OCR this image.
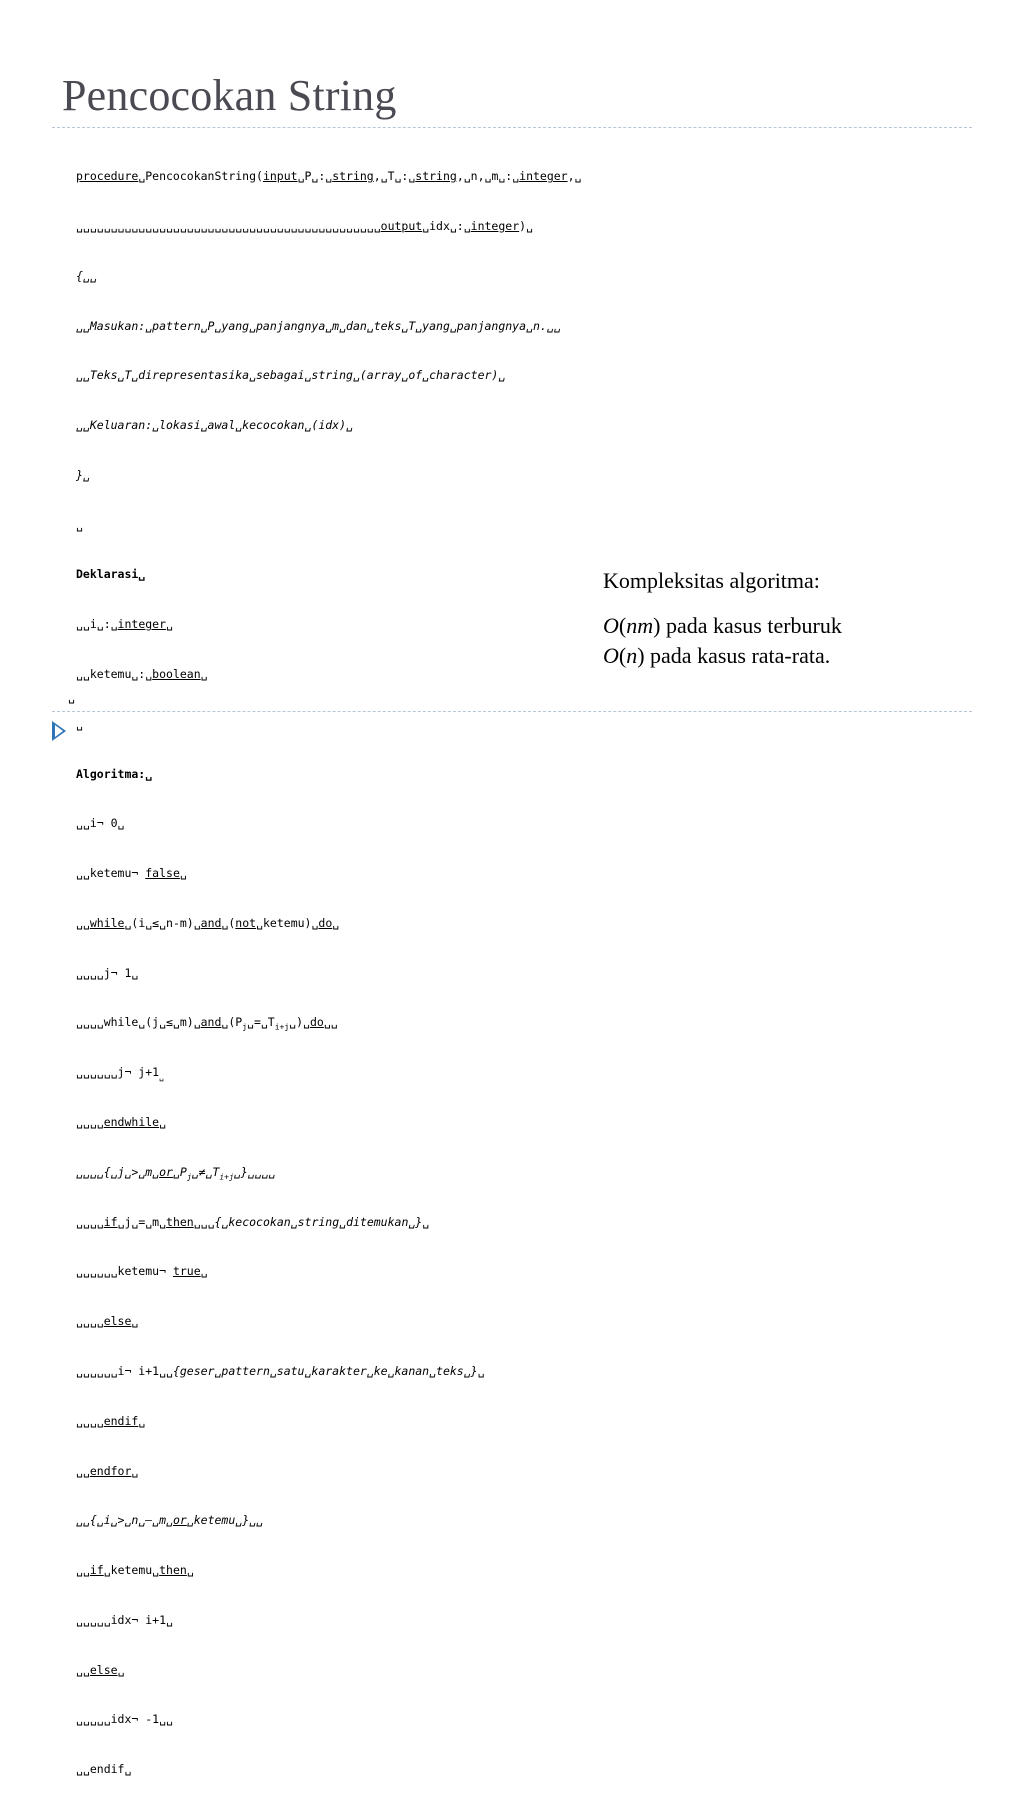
Pencocokan String

procedure␣PencocokanString(input␣P␣:␣string,␣T␣:␣string,␣n,␣m␣:␣integer,␣

␣␣␣␣␣␣␣␣␣␣␣␣␣␣␣␣␣␣␣␣␣␣␣␣␣␣␣␣␣␣␣␣␣␣␣␣␣␣␣␣␣␣␣␣output␣idx␣:␣integer)␣

{␣␣

␣␣Masukan:␣pattern␣P␣yang␣panjangnya␣m␣dan␣teks␣T␣yang␣panjangnya␣n.␣␣

␣␣Teks␣T␣direpresentasika␣sebagai␣string␣(array␣of␣character)␣

␣␣Keluaran:␣lokasi␣awal␣kecocokan␣(idx)␣

}␣

␣

Deklarasi␣

␣␣i␣:␣integer␣

␣␣ketemu␣:␣boolean␣

␣

Algoritma:␣

␣␣i¬ 0␣

␣␣ketemu¬ false␣

␣␣while␣(i␣≤␣n-m)␣and␣(not␣ketemu)␣do␣

␣␣␣␣j¬ 1␣

$␣␣␣␣while␣(j␣\le␣m)␣and␣(P_j␣=␣T_{i+j}␣)␣do␣␣$

␣␣␣␣␣␣j¬ $j+1_␣$

␣␣␣␣endwhile␣

$␣␣␣␣\{␣j␣>␣m␣or␣P_j␣\ne␣T_{i+j}␣\}␣␣␣␣$

␣␣␣␣if␣j␣=␣m␣then␣␣␣{␣kecocokan␣string␣ditemukan␣}␣

␣␣␣␣␣␣ketemu¬ true␣

␣␣␣␣else␣

␣␣␣␣␣␣i¬ i+1␣␣{geser␣pattern␣satu␣karakter␣ke␣kanan␣teks␣}␣

␣␣␣␣endif␣

␣␣endfor␣

␣␣{␣i␣>␣n␣–␣m␣or␣ketemu␣}␣␣

␣␣if␣ketemu␣then␣

␣␣␣␣␣idx¬ i+1␣

␣␣else␣

␣␣␣␣␣idx¬ -1␣␣

␣␣endif␣

␣

Kompleksitas algoritma:

O(nm) pada kasus terburuk

O(n) pada kasus rata-rata.
